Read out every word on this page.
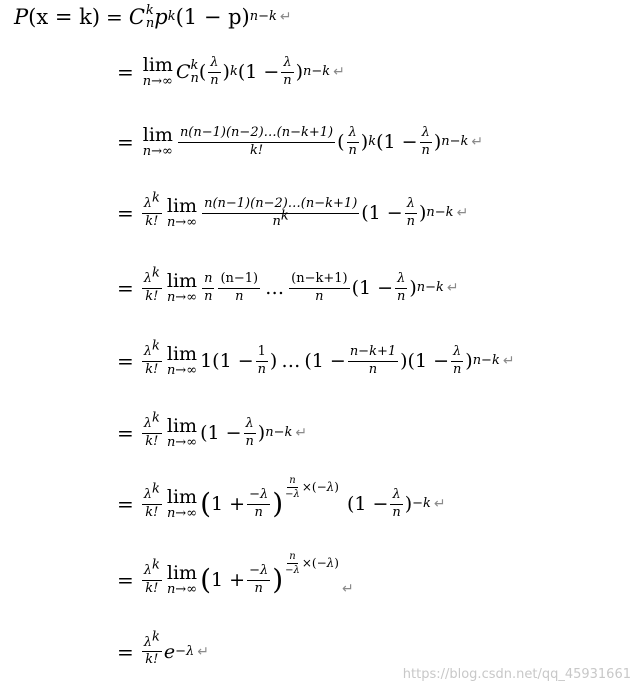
P (x = k) = C k
n p k (1 − p) n−k ↵
= lim
n→∞ C k
n ( $\frac{\lambda}{n}$ ) k ($1 - \frac{\lambda}{n}$ ) n−k ↵
= lim
$n\to\infty \frac{n(n-1)(n-2)\dots(n-k+1)}{k!}$ ( $\frac{\lambda}{n}$ ) k ($1 - \frac{\lambda}{n}$ ) n−k ↵
= $\frac{\lambda^k}{k!}$ lim
$n\to\infty \frac{n(n-1)(n-2)\dots(n-k+1)}{n^k} (1 - \frac{\lambda}{n}$ ) n−k ↵
= $\frac{\lambda^k}{k!}$ lim
$n\to\infty \frac{n}{n} \frac{(n-1)}{n}$ … $\frac{(n-k+1)}{n} (1 - \frac{\lambda}{n}$ ) n−k ↵
= $\frac{\lambda^k}{k!}$ lim
n→∞ 1 ($1 - \frac{1}{n}$ ) … ($1 - \frac{n-k+1}{n}$ ) ($1 - \frac{\lambda}{n}$ ) n−k ↵
= $\frac{\lambda^k}{k!}$ lim
n→∞ ($1 - \frac{\lambda}{n}$ ) n−k ↵
= $\frac{\lambda^k}{k!}$ lim
n→∞ ( $1 + \frac{-\lambda}{n}$ ) $\frac{n}{-\lambda}$ ×( −λ )
($1 - \frac{\lambda}{n}$ ) −k ↵
= $\frac{\lambda^k}{k!}$ lim
n→∞ ( $1 + \frac{-\lambda}{n}$ ) $\frac{n}{-\lambda}$ ×( −λ )
↵
= $\frac{\lambda^k}{k!}$ e −λ ↵
https://blog.csdn.net/qq_45931661
